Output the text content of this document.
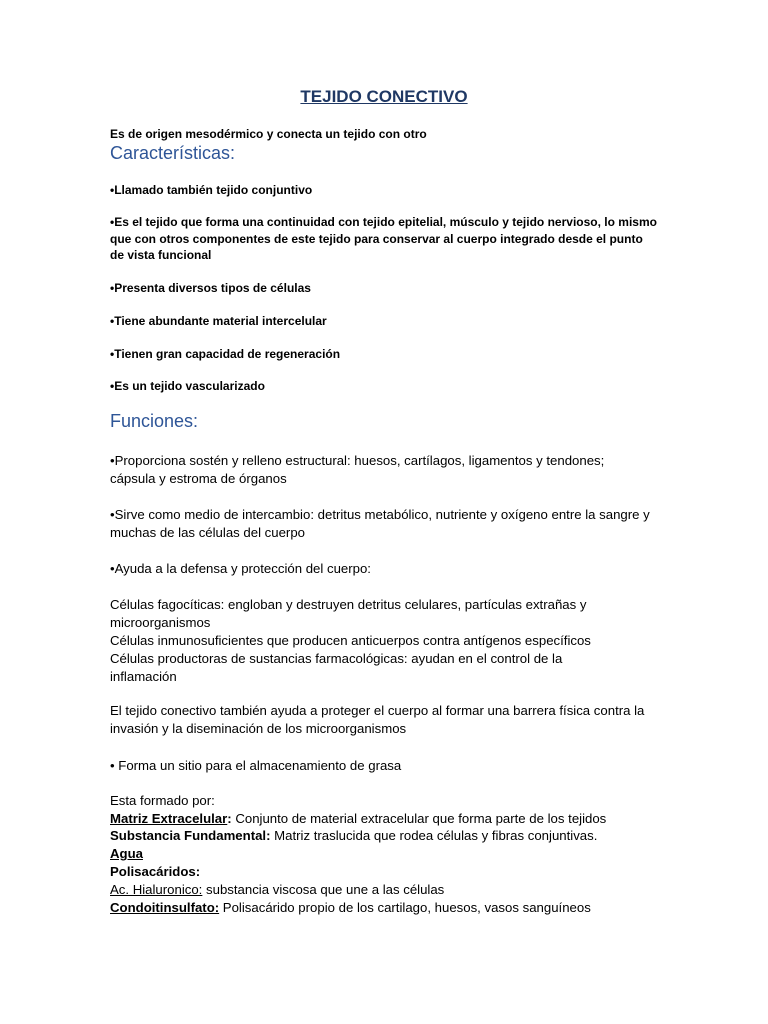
TEJIDO CONECTIVO
Es de origen mesodérmico y conecta un tejido con otro
Características:
•Llamado también tejido conjuntivo
•Es el tejido que forma una continuidad con tejido epitelial, músculo y tejido nervioso, lo mismo que con otros componentes de este tejido para conservar al cuerpo integrado desde el punto de vista funcional
•Presenta diversos tipos de células
•Tiene abundante material intercelular
•Tienen gran capacidad de regeneración
•Es un tejido vascularizado
Funciones:
•Proporciona sostén y relleno estructural: huesos, cartílagos, ligamentos y tendones; cápsula y estroma de órganos
•Sirve como medio de intercambio: detritus metabólico, nutriente y oxígeno entre la sangre y muchas de las células del cuerpo
•Ayuda a la defensa y protección del cuerpo:
Células fagocíticas: engloban y destruyen detritus celulares, partículas extrañas y microorganismos
Células inmunosuficientes que producen anticuerpos contra antígenos específicos
Células productoras de sustancias farmacológicas: ayudan en el control de la inflamación
El tejido conectivo también ayuda a proteger el cuerpo al formar una barrera física contra la invasión y la diseminación de los microorganismos
• Forma un sitio para el almacenamiento de grasa
Esta formado por:
Matriz Extracelular: Conjunto de material extracelular que forma parte de los tejidos
Substancia Fundamental: Matriz traslucida que rodea células y fibras conjuntivas.
Agua
Polisacáridos:
Ac. Hialuronico: substancia viscosa que une a las células
Condoitinsulfato: Polisacárido propio de los cartilago, huesos, vasos sanguíneos
